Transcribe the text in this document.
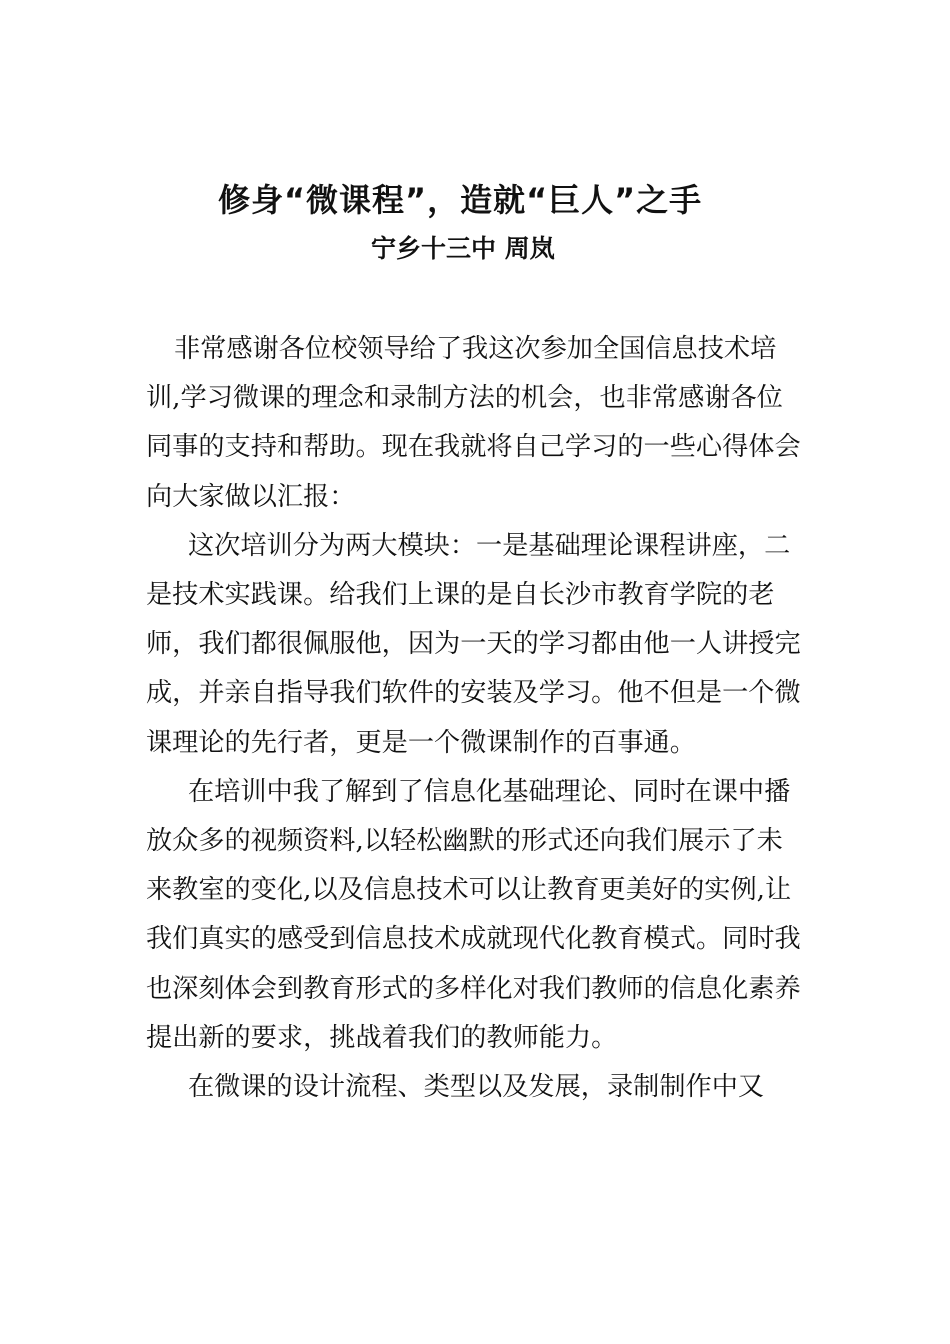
修身“微课程”，造就“巨人”之手
宁乡十三中 周岚

非常感谢各位校领导给了我这次参加全国信息技术培训,学习微课的理念和录制方法的机会，也非常感谢各位同事的支持和帮助。现在我就将自己学习的一些心得体会向大家做以汇报：

这次培训分为两大模块：一是基础理论课程讲座，二是技术实践课。给我们上课的是自长沙市教育学院的老师，我们都很佩服他，因为一天的学习都由他一人讲授完成，并亲自指导我们软件的安装及学习。他不但是一个微课理论的先行者，更是一个微课制作的百事通。

在培训中我了解到了信息化基础理论、同时在课中播放众多的视频资料,以轻松幽默的形式还向我们展示了未来教室的变化,以及信息技术可以让教育更美好的实例,让我们真实的感受到信息技术成就现代化教育模式。同时我也深刻体会到教育形式的多样化对我们教师的信息化素养提出新的要求，挑战着我们的教师能力。

在微课的设计流程、类型以及发展，录制制作中又
